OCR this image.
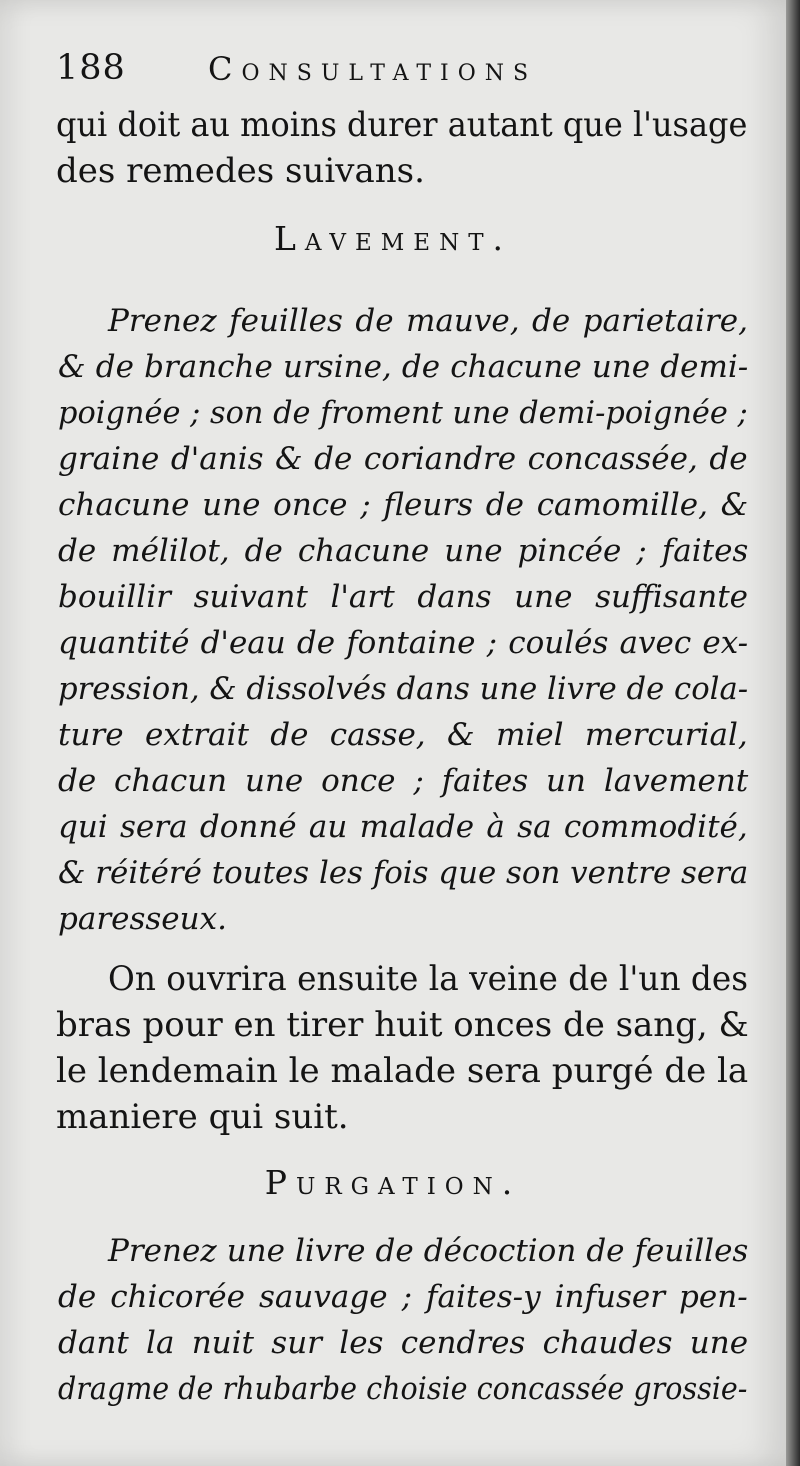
188	Consultations
qui doit au moins durer autant que l'usage
des remedes suivans.
Lavement.
Prenez feuilles de mauve, de parietaire,
& de branche ursine, de chacune une demi-
poignée ; son de froment une demi-poignée ;
graine d'anis & de coriandre concassée, de
chacune une once ; fleurs de camomille, &
de mélilot, de chacune une pincée ; faites
bouillir suivant l'art dans une suffisante
quantité d'eau de fontaine ; coulés avec ex-
pression, & dissolvés dans une livre de cola-
ture extrait de casse, & miel mercurial,
de chacun une once ; faites un lavement
qui sera donné au malade à sa commodité,
& réitéré toutes les fois que son ventre sera
paresseux.
On ouvrira ensuite la veine de l'un des
bras pour en tirer huit onces de sang, &
le lendemain le malade sera purgé de la
maniere qui suit.
Purgation.
Prenez une livre de décoction de feuilles
de chicorée sauvage ; faites-y infuser pen-
dant la nuit sur les cendres chaudes une
dragme de rhubarbe choisie concassée grossie-
